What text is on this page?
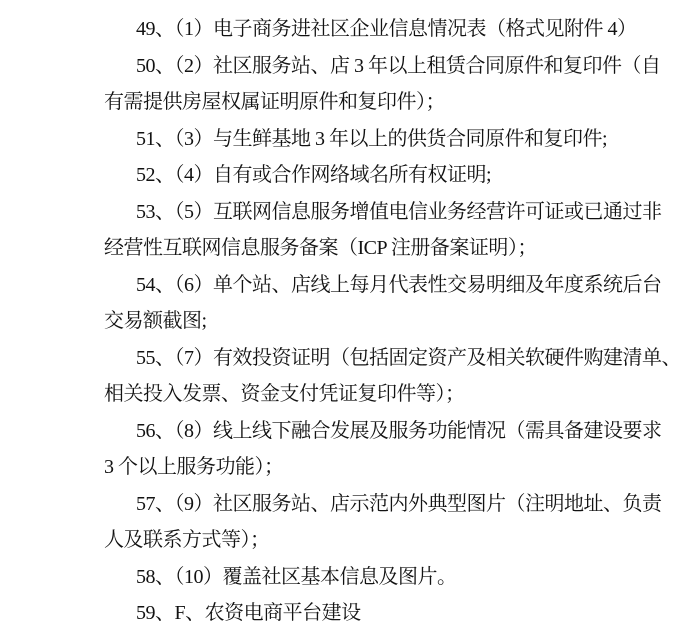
49、（1）电子商务进社区企业信息情况表（格式见附件 4）
50、（2）社区服务站、店 3 年以上租赁合同原件和复印件（自
有需提供房屋权属证明原件和复印件）；
51、（3）与生鲜基地 3 年以上的供货合同原件和复印件;
52、（4）自有或合作网络域名所有权证明;
53、（5）互联网信息服务增值电信业务经营许可证或已通过非
经营性互联网信息服务备案（ICP 注册备案证明）；
54、（6）单个站、店线上每月代表性交易明细及年度系统后台
交易额截图;
55、（7）有效投资证明（包括固定资产及相关软硬件购建清单、
相关投入发票、资金支付凭证复印件等）；
56、（8）线上线下融合发展及服务功能情况（需具备建设要求
3 个以上服务功能）；
57、（9）社区服务站、店示范内外典型图片（注明地址、负责
人及联系方式等）；
58、（10）覆盖社区基本信息及图片。
59、F、农资电商平台建设
